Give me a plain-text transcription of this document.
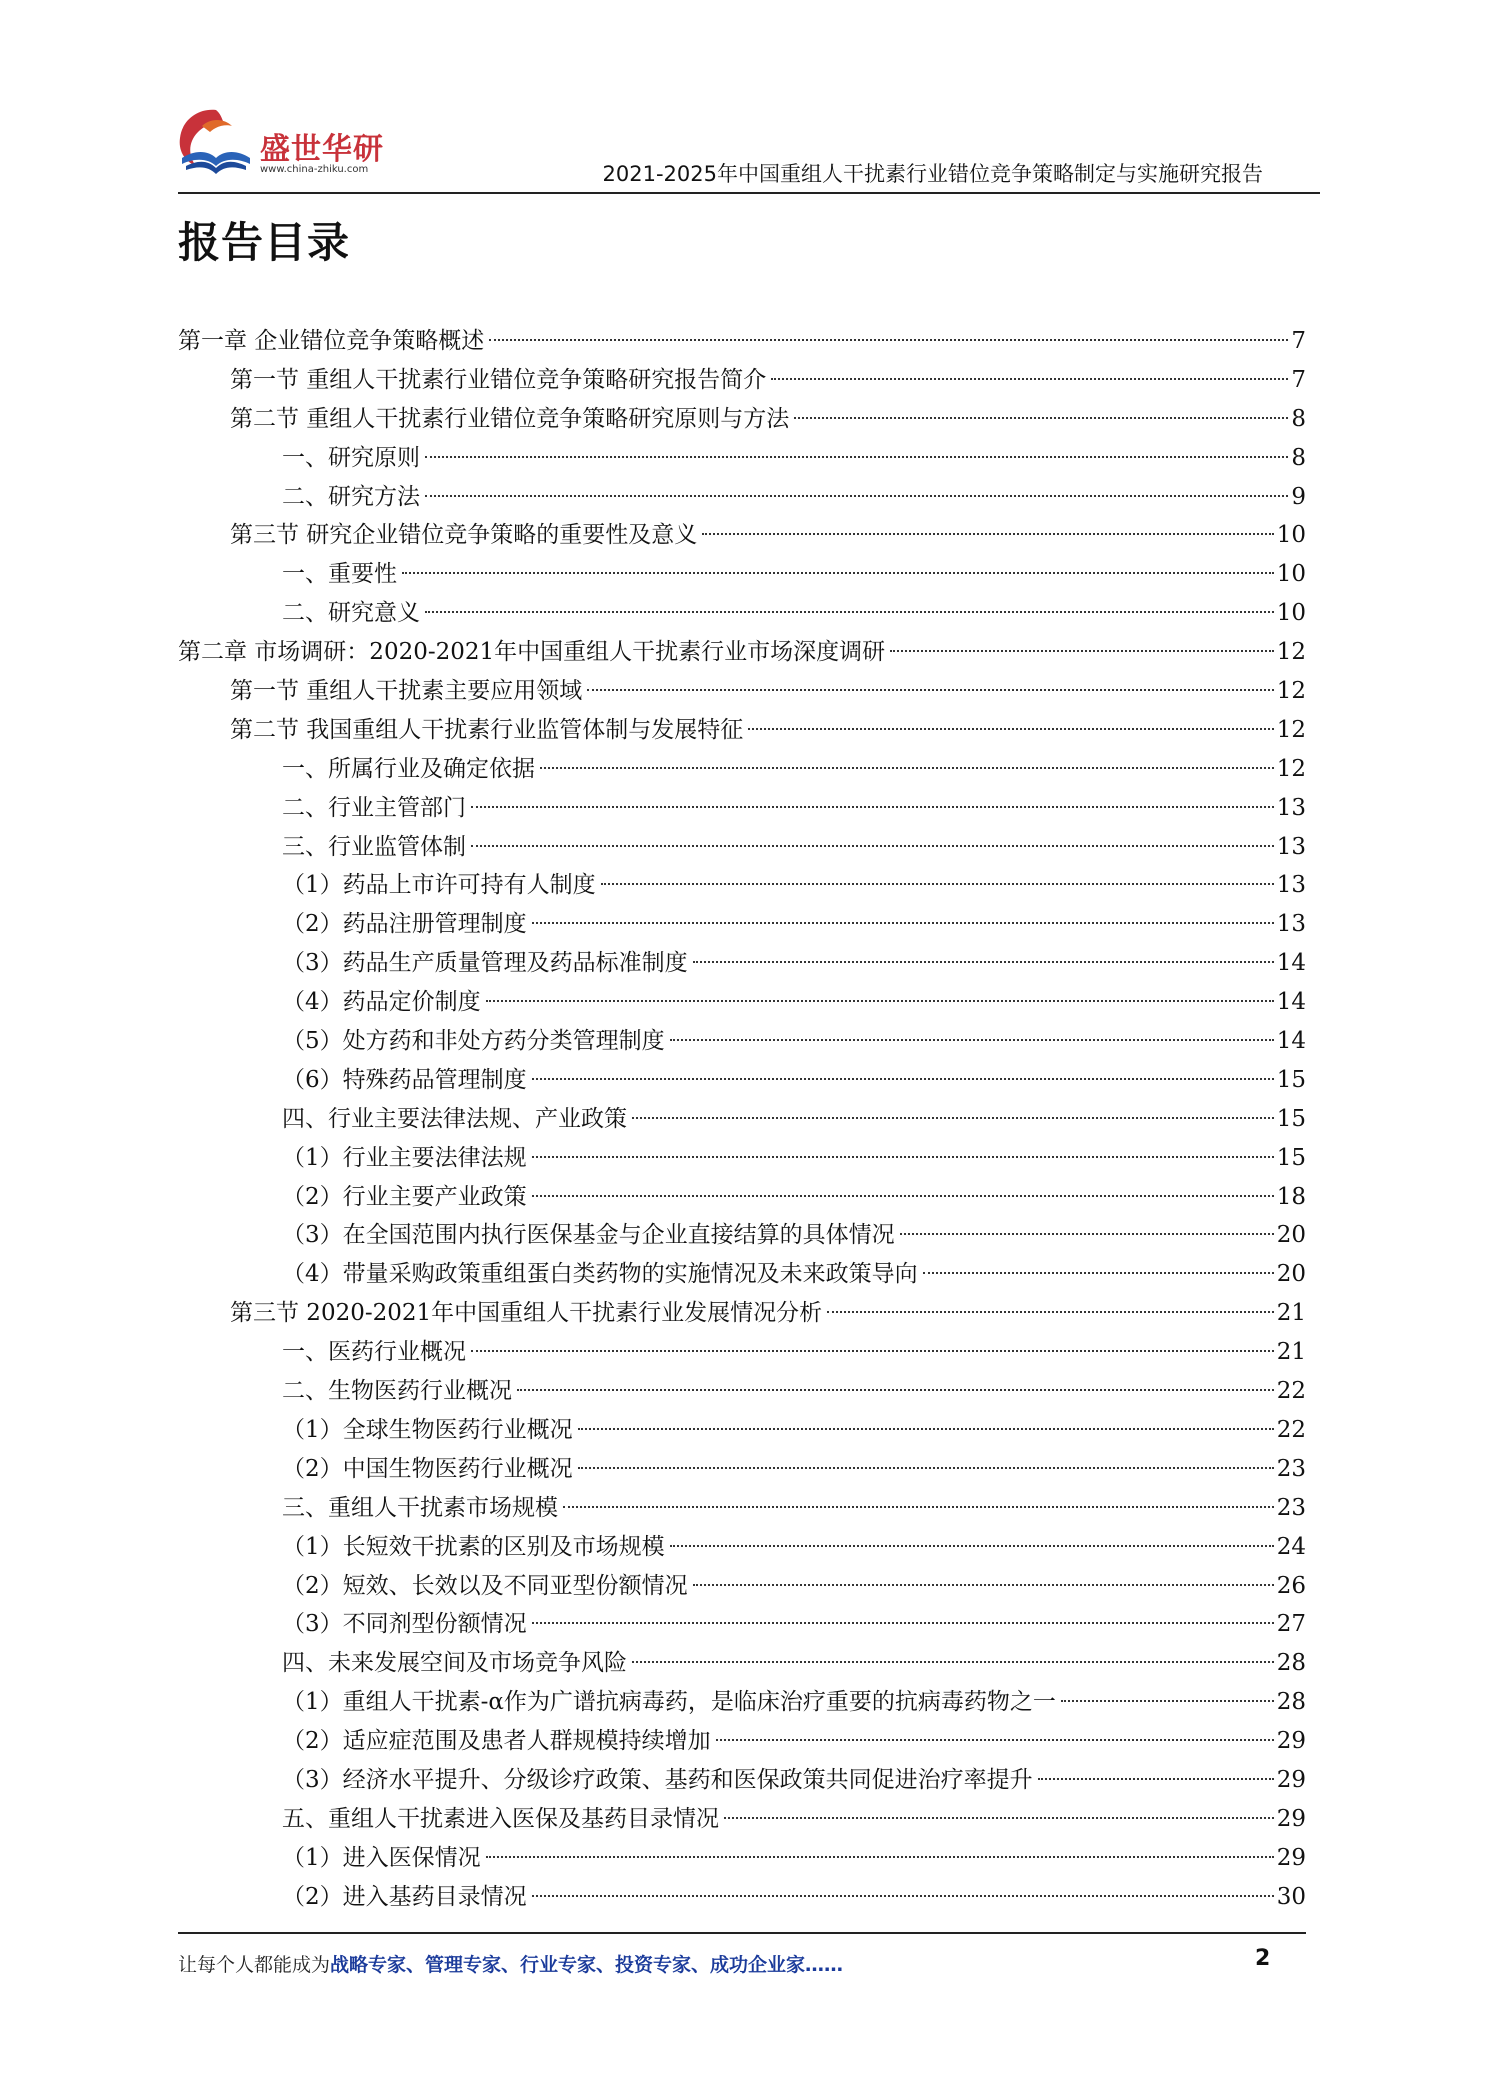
盛世华研
www.china-zhiku.com	2021-2025年中国重组人干扰素行业错位竞争策略制定与实施研究报告
报告目录
第一章 企业错位竞争策略概述	7
第一节 重组人干扰素行业错位竞争策略研究报告简介	7
第二节 重组人干扰素行业错位竞争策略研究原则与方法	8
一、研究原则	8
二、研究方法	9
第三节 研究企业错位竞争策略的重要性及意义	10
一、重要性	10
二、研究意义	10
第二章 市场调研：2020-2021年中国重组人干扰素行业市场深度调研	12
第一节 重组人干扰素主要应用领域	12
第二节 我国重组人干扰素行业监管体制与发展特征	12
一、所属行业及确定依据	12
二、行业主管部门	13
三、行业监管体制	13
（1）药品上市许可持有人制度	13
（2）药品注册管理制度	13
（3）药品生产质量管理及药品标准制度	14
（4）药品定价制度	14
（5）处方药和非处方药分类管理制度	14
（6）特殊药品管理制度	15
四、行业主要法律法规、产业政策	15
（1）行业主要法律法规	15
（2）行业主要产业政策	18
（3）在全国范围内执行医保基金与企业直接结算的具体情况	20
（4）带量采购政策重组蛋白类药物的实施情况及未来政策导向	20
第三节 2020-2021年中国重组人干扰素行业发展情况分析	21
一、医药行业概况	21
二、生物医药行业概况	22
（1）全球生物医药行业概况	22
（2）中国生物医药行业概况	23
三、重组人干扰素市场规模	23
（1）长短效干扰素的区别及市场规模	24
（2）短效、长效以及不同亚型份额情况	26
（3）不同剂型份额情况	27
四、未来发展空间及市场竞争风险	28
（1）重组人干扰素-α作为广谱抗病毒药，是临床治疗重要的抗病毒药物之一	28
（2）适应症范围及患者人群规模持续增加	29
（3）经济水平提升、分级诊疗政策、基药和医保政策共同促进治疗率提升	29
五、重组人干扰素进入医保及基药目录情况	29
（1）进入医保情况	29
（2）进入基药目录情况	30
让每个人都能成为战略专家、管理专家、行业专家、投资专家、成功企业家……	2
